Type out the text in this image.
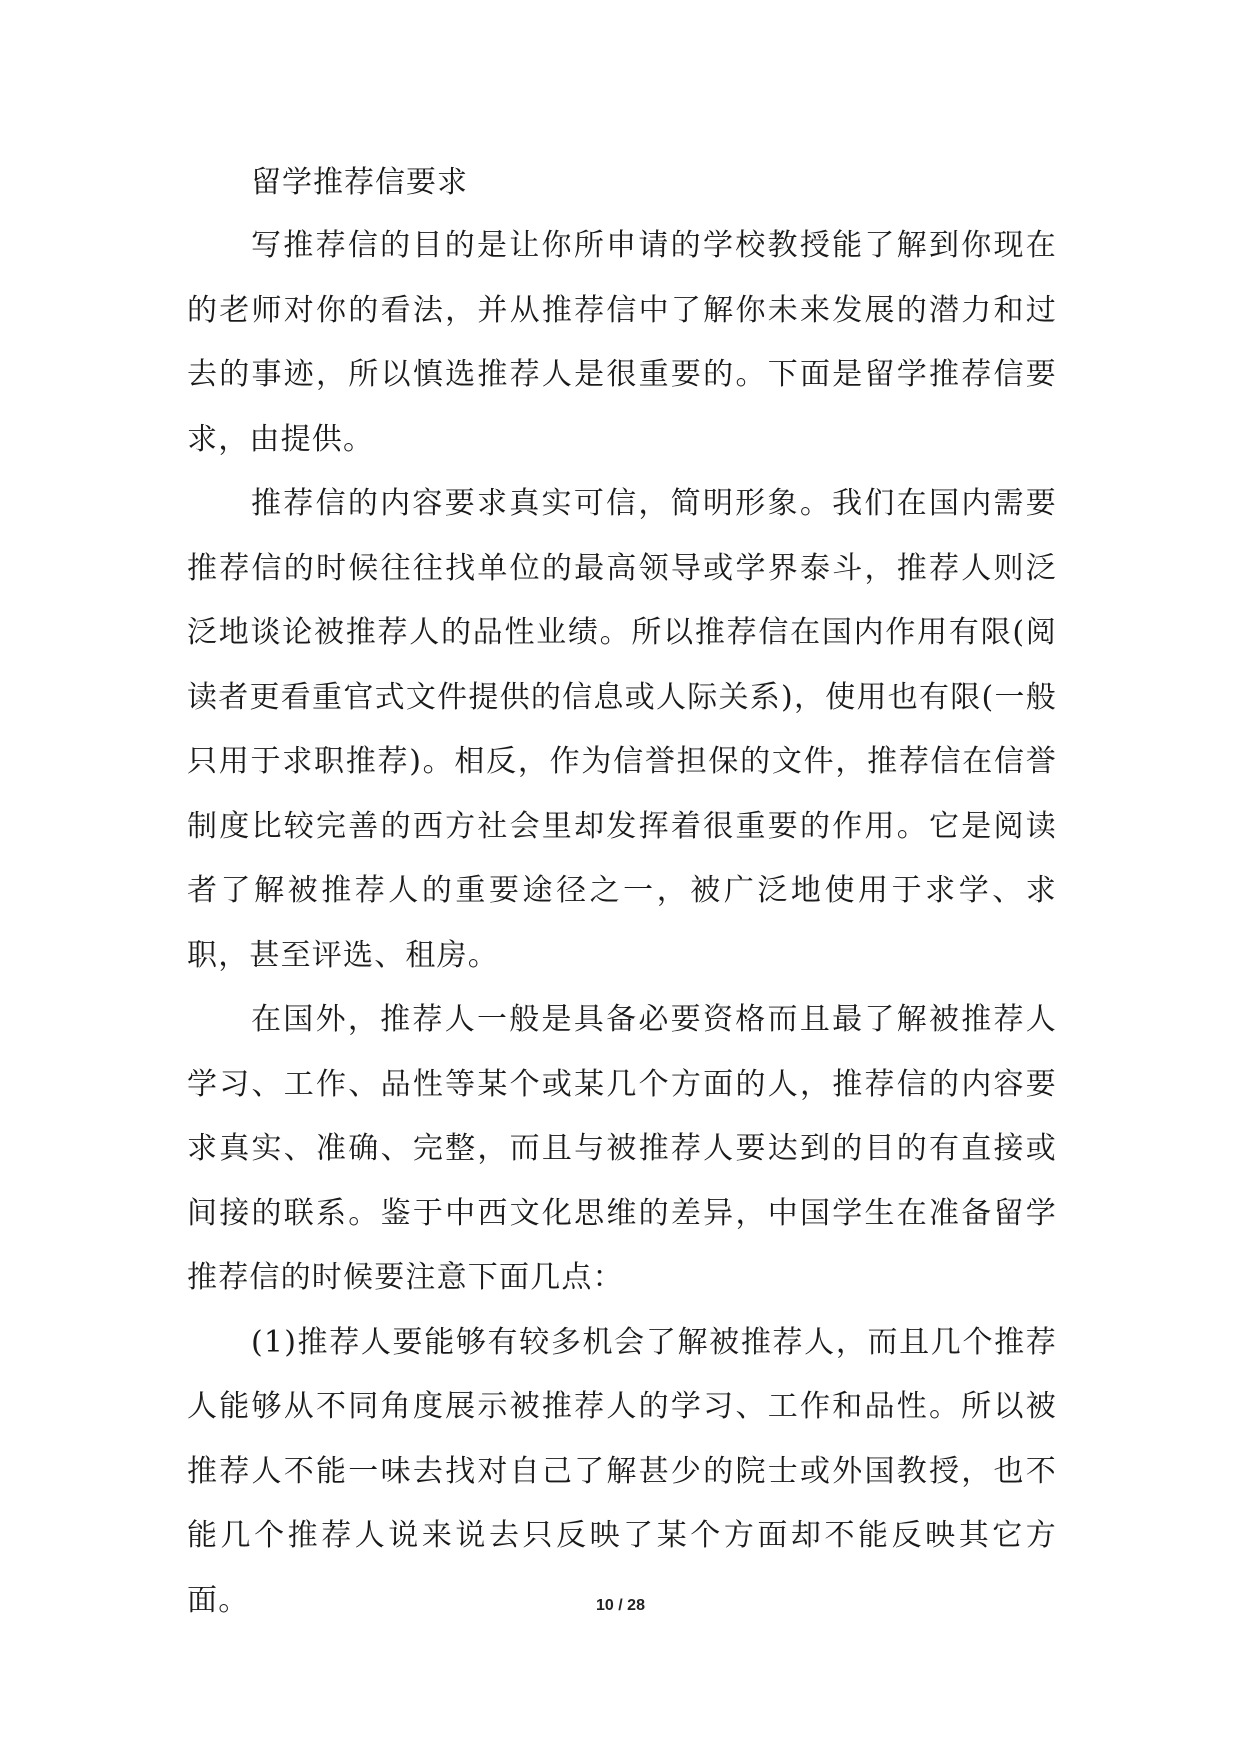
留学推荐信要求

写推荐信的目的是让你所申请的学校教授能了解到你现在的老师对你的看法，并从推荐信中了解你未来发展的潜力和过去的事迹，所以慎选推荐人是很重要的。下面是留学推荐信要求，由提供。

推荐信的内容要求真实可信，简明形象。我们在国内需要推荐信的时候往往找单位的最高领导或学界泰斗，推荐人则泛泛地谈论被推荐人的品性业绩。所以推荐信在国内作用有限(阅读者更看重官式文件提供的信息或人际关系)，使用也有限(一般只用于求职推荐)。相反，作为信誉担保的文件，推荐信在信誉制度比较完善的西方社会里却发挥着很重要的作用。它是阅读者了解被推荐人的重要途径之一，被广泛地使用于求学、求职，甚至评选、租房。

在国外，推荐人一般是具备必要资格而且最了解被推荐人学习、工作、品性等某个或某几个方面的人，推荐信的内容要求真实、准确、完整，而且与被推荐人要达到的目的有直接或间接的联系。鉴于中西文化思维的差异，中国学生在准备留学推荐信的时候要注意下面几点：

(1)推荐人要能够有较多机会了解被推荐人，而且几个推荐人能够从不同角度展示被推荐人的学习、工作和品性。所以被推荐人不能一味去找对自己了解甚少的院士或外国教授，也不能几个推荐人说来说去只反映了某个方面却不能反映其它方面。	10 / 28
